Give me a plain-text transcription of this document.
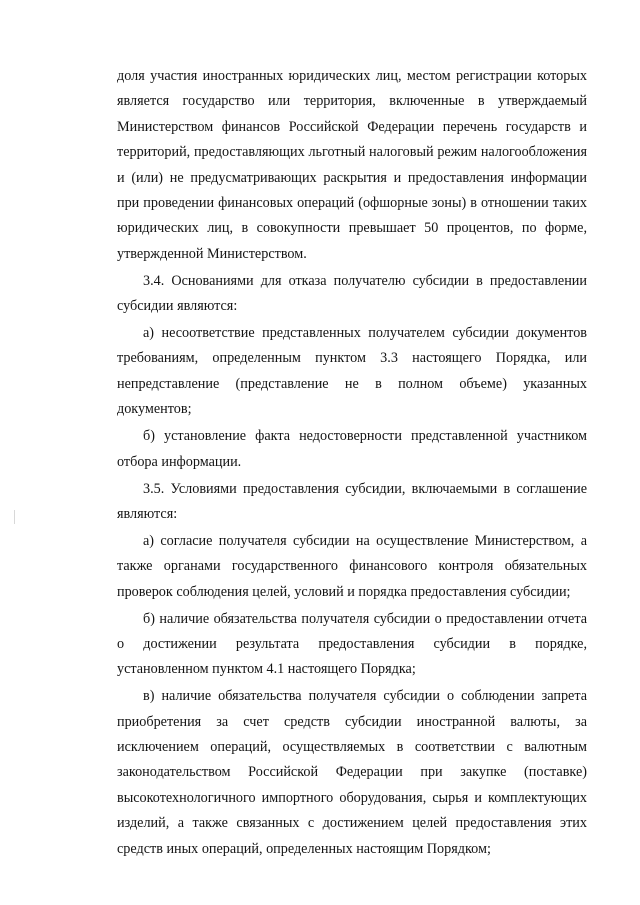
доля участия иностранных юридических лиц, местом регистрации которых является государство или территория, включенные в утверждаемый Министерством финансов Российской Федерации перечень государств и территорий, предоставляющих льготный налоговый режим налогообложения и (или) не предусматривающих раскрытия и предоставления информации при проведении финансовых операций (офшорные зоны) в отношении таких юридических лиц, в совокупности превышает 50 процентов, по форме, утвержденной Министерством.

3.4. Основаниями для отказа получателю субсидии в предоставлении субсидии являются:

а) несоответствие представленных получателем субсидии документов требованиям, определенным пунктом 3.3 настоящего Порядка, или непредставление (представление не в полном объеме) указанных документов;

б) установление факта недостоверности представленной участником отбора информации.

3.5. Условиями предоставления субсидии, включаемыми в соглашение являются:

а) согласие получателя субсидии на осуществление Министерством, а также органами государственного финансового контроля обязательных проверок соблюдения целей, условий и порядка предоставления субсидии;

б) наличие обязательства получателя субсидии о предоставлении отчета о достижении результата предоставления субсидии в порядке, установленном пунктом 4.1 настоящего Порядка;

в) наличие обязательства получателя субсидии о соблюдении запрета приобретения за счет средств субсидии иностранной валюты, за исключением операций, осуществляемых в соответствии с валютным законодательством Российской Федерации при закупке (поставке) высокотехнологичного импортного оборудования, сырья и комплектующих изделий, а также связанных с достижением целей предоставления этих средств иных операций, определенных настоящим Порядком;
